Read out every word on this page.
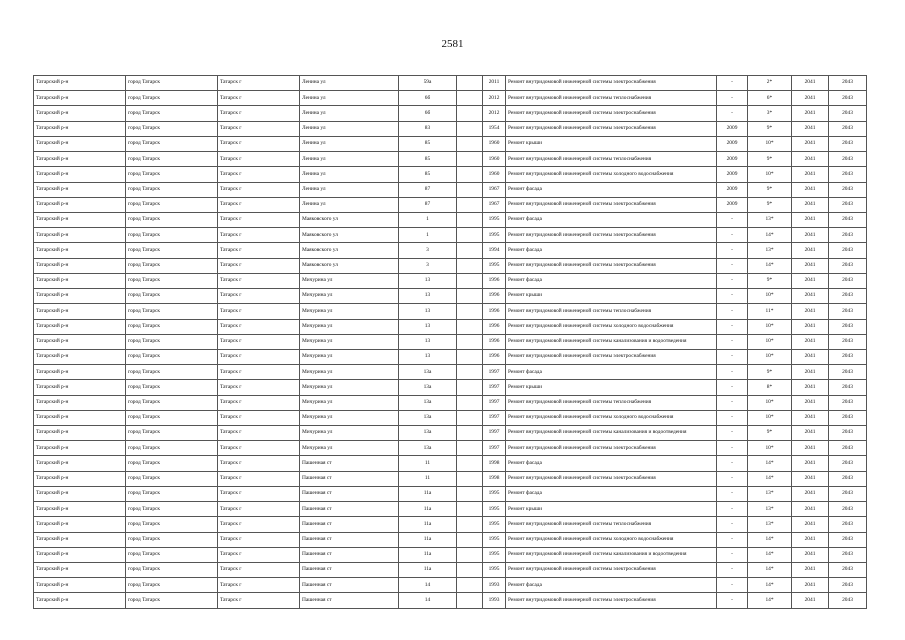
2581
Татарский р-н	город Татарск	Татарск г	Ленина ул	59а		2011	Ремонт внутридомовой инженерной системы электроснабжения	-	2*	2041	2043
Татарский р-н	город Татарск	Татарск г	Ленина ул	6б		2012	Ремонт внутридомовой инженерной системы теплоснабжения	-	6*	2041	2043
Татарский р-н	город Татарск	Татарск г	Ленина ул	6б		2012	Ремонт внутридомовой инженерной системы электроснабжения	-	3*	2041	2043
Татарский р-н	город Татарск	Татарск г	Ленина ул	83		1954	Ремонт внутридомовой инженерной системы электроснабжения	2009	9*	2041	2043
Татарский р-н	город Татарск	Татарск г	Ленина ул	85		1960	Ремонт крыши	2009	10*	2041	2043
Татарский р-н	город Татарск	Татарск г	Ленина ул	85		1960	Ремонт внутридомовой инженерной системы теплоснабжения	2009	9*	2041	2043
Татарский р-н	город Татарск	Татарск г	Ленина ул	85		1960	Ремонт внутридомовой инженерной системы холодного водоснабжения	2009	10*	2041	2043
Татарский р-н	город Татарск	Татарск г	Ленина ул	87		1967	Ремонт фасада	2009	9*	2041	2043
Татарский р-н	город Татарск	Татарск г	Ленина ул	87		1967	Ремонт внутридомовой инженерной системы электроснабжения	2009	9*	2041	2043
Татарский р-н	город Татарск	Татарск г	Маяковского ул	1		1995	Ремонт фасада	-	13*	2041	2043
Татарский р-н	город Татарск	Татарск г	Маяковского ул	1		1995	Ремонт внутридомовой инженерной системы электроснабжения	-	14*	2041	2043
Татарский р-н	город Татарск	Татарск г	Маяковского ул	3		1994	Ремонт фасада	-	13*	2041	2043
Татарский р-н	город Татарск	Татарск г	Маяковского ул	3		1995	Ремонт внутридомовой инженерной системы электроснабжения	-	14*	2041	2043
Татарский р-н	город Татарск	Татарск г	Мичурина ул	13		1996	Ремонт фасада	-	9*	2041	2043
Татарский р-н	город Татарск	Татарск г	Мичурина ул	13		1996	Ремонт крыши	-	10*	2041	2043
Татарский р-н	город Татарск	Татарск г	Мичурина ул	13		1996	Ремонт внутридомовой инженерной системы теплоснабжения	-	11*	2041	2043
Татарский р-н	город Татарск	Татарск г	Мичурина ул	13		1996	Ремонт внутридомовой инженерной системы холодного водоснабжения	-	10*	2041	2043
Татарский р-н	город Татарск	Татарск г	Мичурина ул	13		1996	Ремонт внутридомовой инженерной системы канализования и водоотведения	-	10*	2041	2043
Татарский р-н	город Татарск	Татарск г	Мичурина ул	13		1996	Ремонт внутридомовой инженерной системы электроснабжения	-	10*	2041	2043
Татарский р-н	город Татарск	Татарск г	Мичурина ул	13а		1997	Ремонт фасада	-	9*	2041	2043
Татарский р-н	город Татарск	Татарск г	Мичурина ул	13а		1997	Ремонт крыши	-	8*	2041	2043
Татарский р-н	город Татарск	Татарск г	Мичурина ул	13а		1997	Ремонт внутридомовой инженерной системы теплоснабжения	-	10*	2041	2043
Татарский р-н	город Татарск	Татарск г	Мичурина ул	13а		1997	Ремонт внутридомовой инженерной системы холодного водоснабжения	-	10*	2041	2043
Татарский р-н	город Татарск	Татарск г	Мичурина ул	13а		1997	Ремонт внутридомовой инженерной системы канализования и водоотведения	-	9*	2041	2043
Татарский р-н	город Татарск	Татарск г	Мичурина ул	13а		1997	Ремонт внутридомовой инженерной системы электроснабжения	-	10*	2041	2043
Татарский р-н	город Татарск	Татарск г	Пашенная ст	11		1998	Ремонт фасада	-	14*	2041	2043
Татарский р-н	город Татарск	Татарск г	Пашенная ст	11		1998	Ремонт внутридомовой инженерной системы электроснабжения	-	14*	2041	2043
Татарский р-н	город Татарск	Татарск г	Пашенная ст	11а		1995	Ремонт фасада	-	13*	2041	2043
Татарский р-н	город Татарск	Татарск г	Пашенная ст	11а		1995	Ремонт крыши	-	13*	2041	2043
Татарский р-н	город Татарск	Татарск г	Пашенная ст	11а		1995	Ремонт внутридомовой инженерной системы теплоснабжения	-	13*	2041	2043
Татарский р-н	город Татарск	Татарск г	Пашенная ст	11а		1995	Ремонт внутридомовой инженерной системы холодного водоснабжения	-	14*	2041	2043
Татарский р-н	город Татарск	Татарск г	Пашенная ст	11а		1995	Ремонт внутридомовой инженерной системы канализования и водоотведения	-	14*	2041	2043
Татарский р-н	город Татарск	Татарск г	Пашенная ст	11а		1995	Ремонт внутридомовой инженерной системы электроснабжения	-	14*	2041	2043
Татарский р-н	город Татарск	Татарск г	Пашенная ст	14		1993	Ремонт фасада	-	14*	2041	2043
Татарский р-н	город Татарск	Татарск г	Пашенная ст	14		1993	Ремонт внутридомовой инженерной системы электроснабжения	-	14*	2041	2043
